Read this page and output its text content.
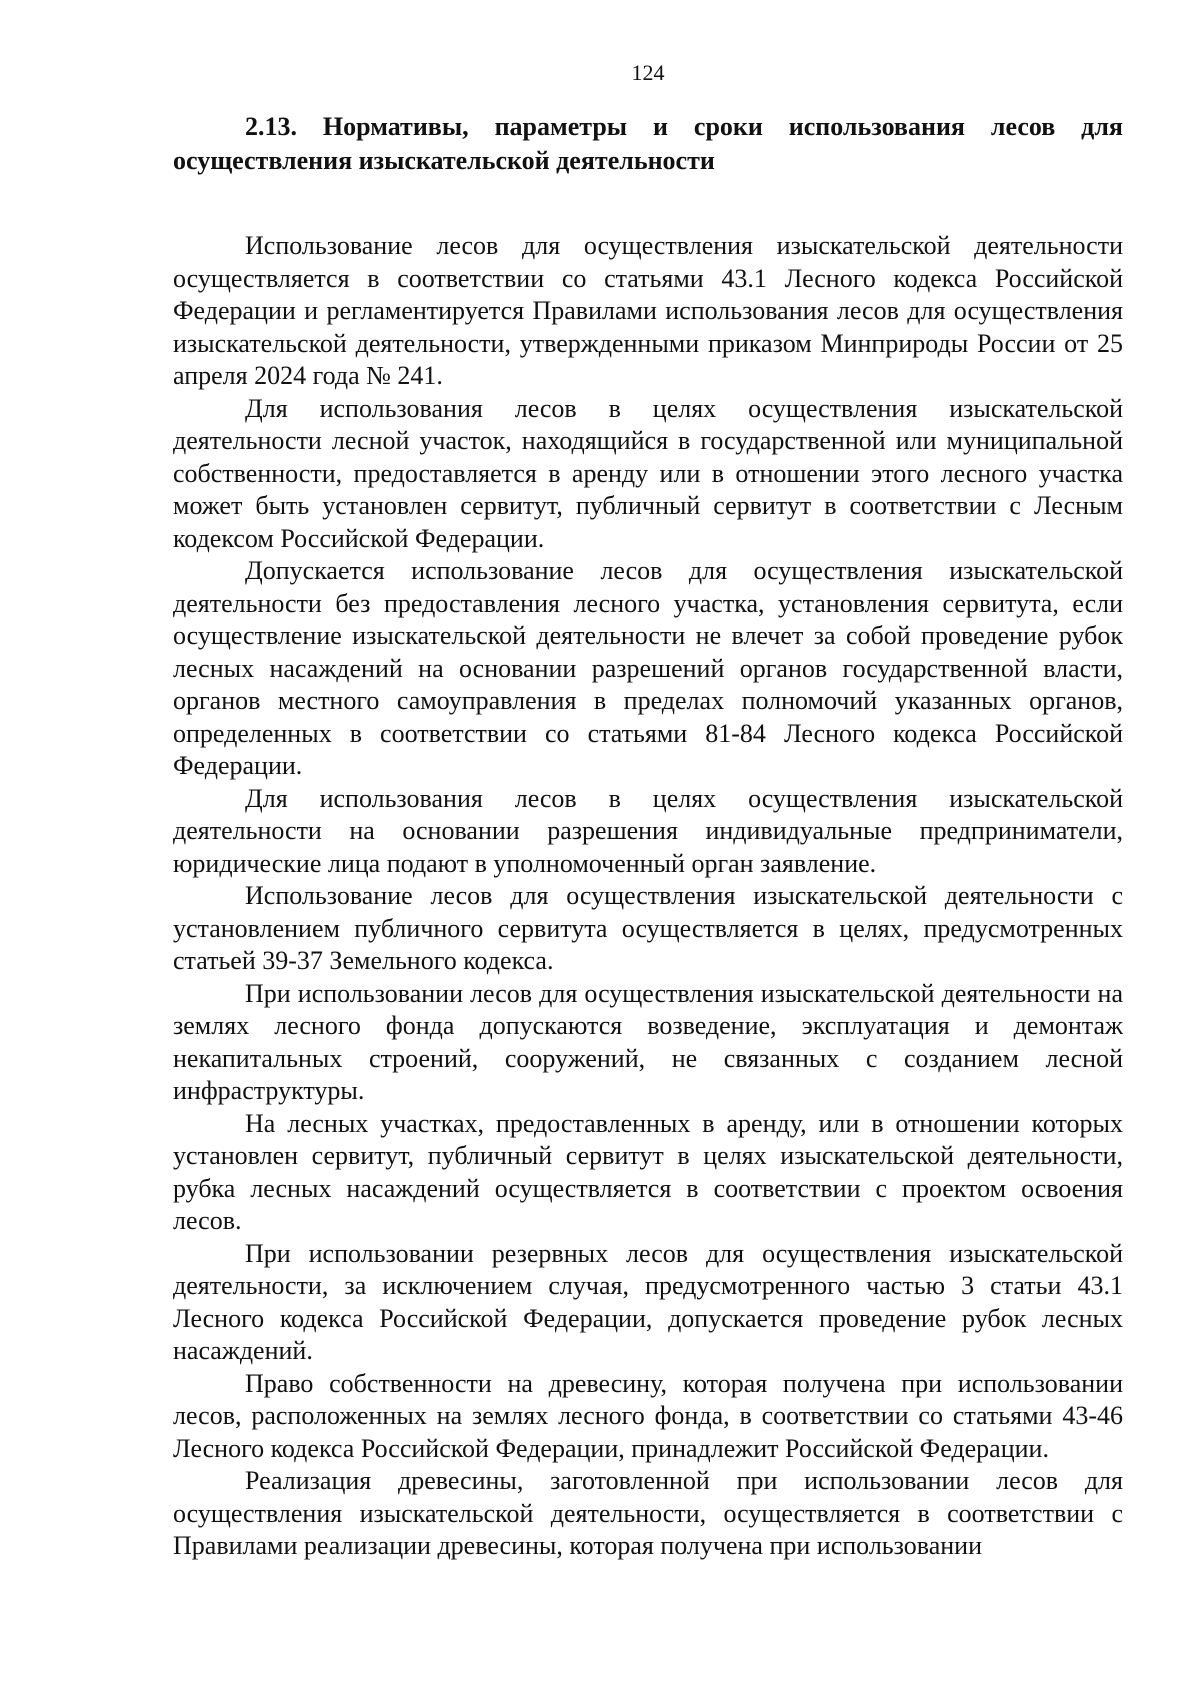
124
2.13. Нормативы, параметры и сроки использования лесов для осуществления изыскательской деятельности

Использование лесов для осуществления изыскательской деятельности осуществляется в соответствии со статьями 43.1 Лесного кодекса Российской Федерации и регламентируется Правилами использования лесов для осуществления изыскательской деятельности, утвержденными приказом Минприроды России от 25 апреля 2024 года № 241.

Для использования лесов в целях осуществления изыскательской деятельности лесной участок, находящийся в государственной или муниципальной собственности, предоставляется в аренду или в отношении этого лесного участка может быть установлен сервитут, публичный сервитут в соответствии с Лесным кодексом Российской Федерации.

Допускается использование лесов для осуществления изыскательской деятельности без предоставления лесного участка, установления сервитута, если осуществление изыскательской деятельности не влечет за собой проведение рубок лесных насаждений на основании разрешений органов государственной власти, органов местного самоуправления в пределах полномочий указанных органов, определенных в соответствии со статьями 81-84 Лесного кодекса Российской Федерации.

Для использования лесов в целях осуществления изыскательской деятельности на основании разрешения индивидуальные предприниматели, юридические лица подают в уполномоченный орган заявление.

Использование лесов для осуществления изыскательской деятельности с установлением публичного сервитута осуществляется в целях, предусмотренных статьей 39-37 Земельного кодекса.

При использовании лесов для осуществления изыскательской деятельности на землях лесного фонда допускаются возведение, эксплуатация и демонтаж некапитальных строений, сооружений, не связанных с созданием лесной инфраструктуры.

На лесных участках, предоставленных в аренду, или в отношении которых установлен сервитут, публичный сервитут в целях изыскательской деятельности, рубка лесных насаждений осуществляется в соответствии с проектом освоения лесов.

При использовании резервных лесов для осуществления изыскательской деятельности, за исключением случая, предусмотренного частью 3 статьи 43.1 Лесного кодекса Российской Федерации, допускается проведение рубок лесных насаждений.

Право собственности на древесину, которая получена при использовании лесов, расположенных на землях лесного фонда, в соответствии со статьями 43-46 Лесного кодекса Российской Федерации, принадлежит Российской Федерации.

Реализация древесины, заготовленной при использовании лесов для осуществления изыскательской деятельности, осуществляется в соответствии с Правилами реализации древесины, которая получена при использовании
